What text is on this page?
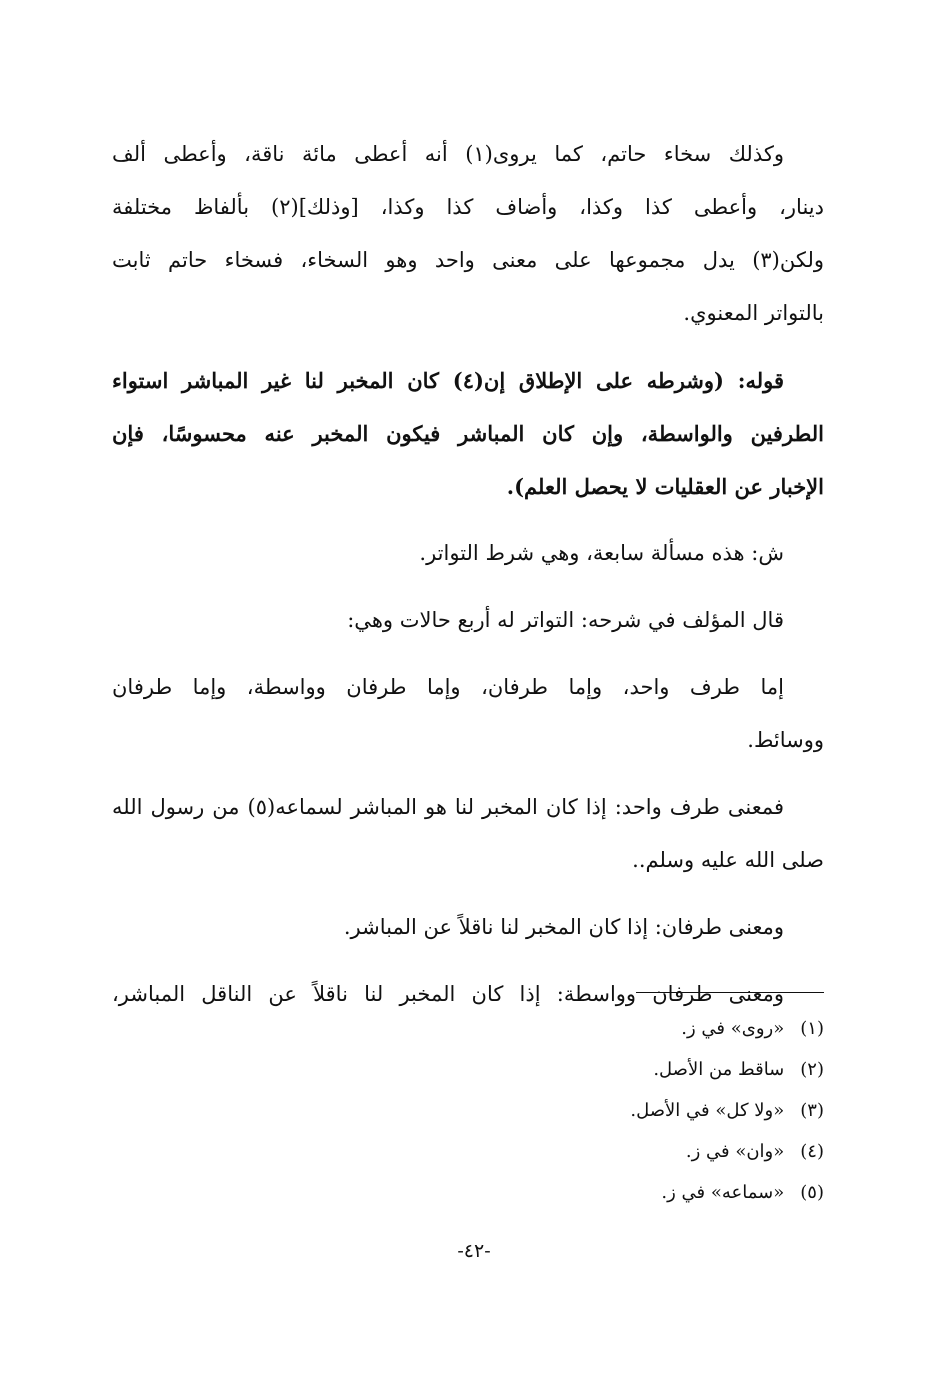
وكذلك سخاء حاتم، كما يروى(١) أنه أعطى مائة ناقة، وأعطى ألف
دينار، وأعطى كذا وكذا، وأضاف كذا وكذا، [وذلك](٢) بألفاظ مختلفة
ولكن(٣) يدل مجموعها على معنى واحد وهو السخاء، فسخاء حاتم ثابت
بالتواتر المعنوي.

قوله: (وشرطه على الإطلاق إن(٤) كان المخبر لنا غير المباشر استواء
الطرفين والواسطة، وإن كان المباشر فيكون المخبر عنه محسوسًا، فإن
الإخبار عن العقليات لا يحصل العلم).

ش: هذه مسألة سابعة، وهي شرط التواتر.

قال المؤلف في شرحه: التواتر له أربع حالات وهي:

إما طرف واحد، وإما طرفان، وإما طرفان وواسطة، وإما طرفان
ووسائط.

فمعنى طرف واحد: إذا كان المخبر لنا هو المباشر لسماعه(٥) من رسول الله
صلى الله عليه وسلم..

ومعنى طرفان: إذا كان المخبر لنا ناقلاً عن المباشر.

ومعنى طرفان وواسطة: إذا كان المخبر لنا ناقلاً عن الناقل المباشر،

(١)«روى» في ز.
(٢)ساقط من الأصل.
(٣)«ولا كل» في الأصل.
(٤)«وان» في ز.
(٥)«سماعه» في ز.
-٤٢-
